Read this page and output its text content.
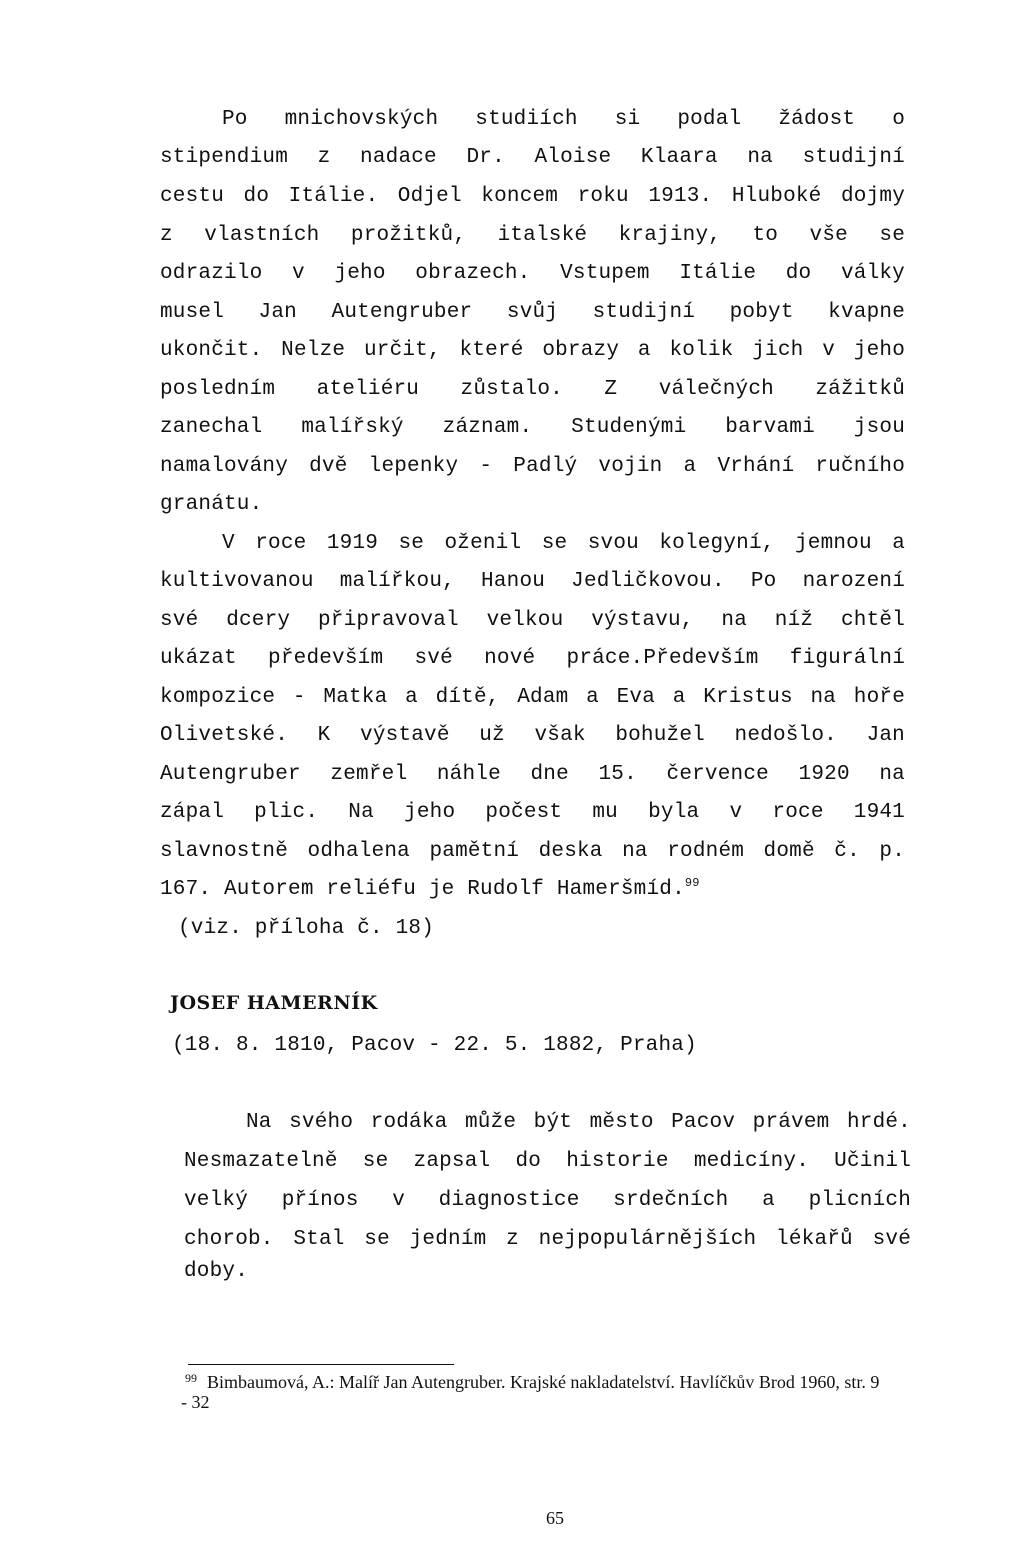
Po mnichovských studiích si podal žádost o
stipendium z nadace Dr. Aloise Klaara na studijní
cestu do Itálie. Odjel koncem roku 1913. Hluboké dojmy
z vlastních prožitků, italské krajiny, to vše se
odrazilo v jeho obrazech. Vstupem Itálie do války
musel Jan Autengruber svůj studijní pobyt kvapne
ukončit. Nelze určit, které obrazy a kolik jich v jeho
posledním ateliéru zůstalo. Z válečných zážitků
zanechal malířský záznam. Studenými barvami jsou
namalovány dvě lepenky - Padlý vojin a Vrhání ručního
granátu.
V roce 1919 se oženil se svou kolegyní, jemnou a
kultivovanou malířkou, Hanou Jedličkovou. Po narození
své dcery připravoval velkou výstavu, na níž chtěl
ukázat především své nové práce.Především figurální
kompozice - Matka a dítě, Adam a Eva a Kristus na hoře
Olivetské. K výstavě už však bohužel nedošlo. Jan
Autengruber zemřel náhle dne 15. července 1920 na
zápal plic. Na jeho počest mu byla v roce 1941
slavnostně odhalena pamětní deska na rodném domě č. p.
167. Autorem reliéfu je Rudolf Hameršmíd.$^{99}$
(viz. příloha č. 18)
JOSEF HAMERNÍK
(18. 8. 1810, Pacov - 22. 5. 1882, Praha)
Na svého rodáka může být město Pacov právem hrdé.
Nesmazatelně se zapsal do historie medicíny. Učinil
velký přínos v diagnostice srdečních a plicních
chorob. Stal se jedním z nejpopulárnějších lékařů své
doby.
99 Bimbaumová, A.: Malíř Jan Autengruber. Krajské nakladatelství. Havlíčkův Brod 1960, str. 9
- 32
65
